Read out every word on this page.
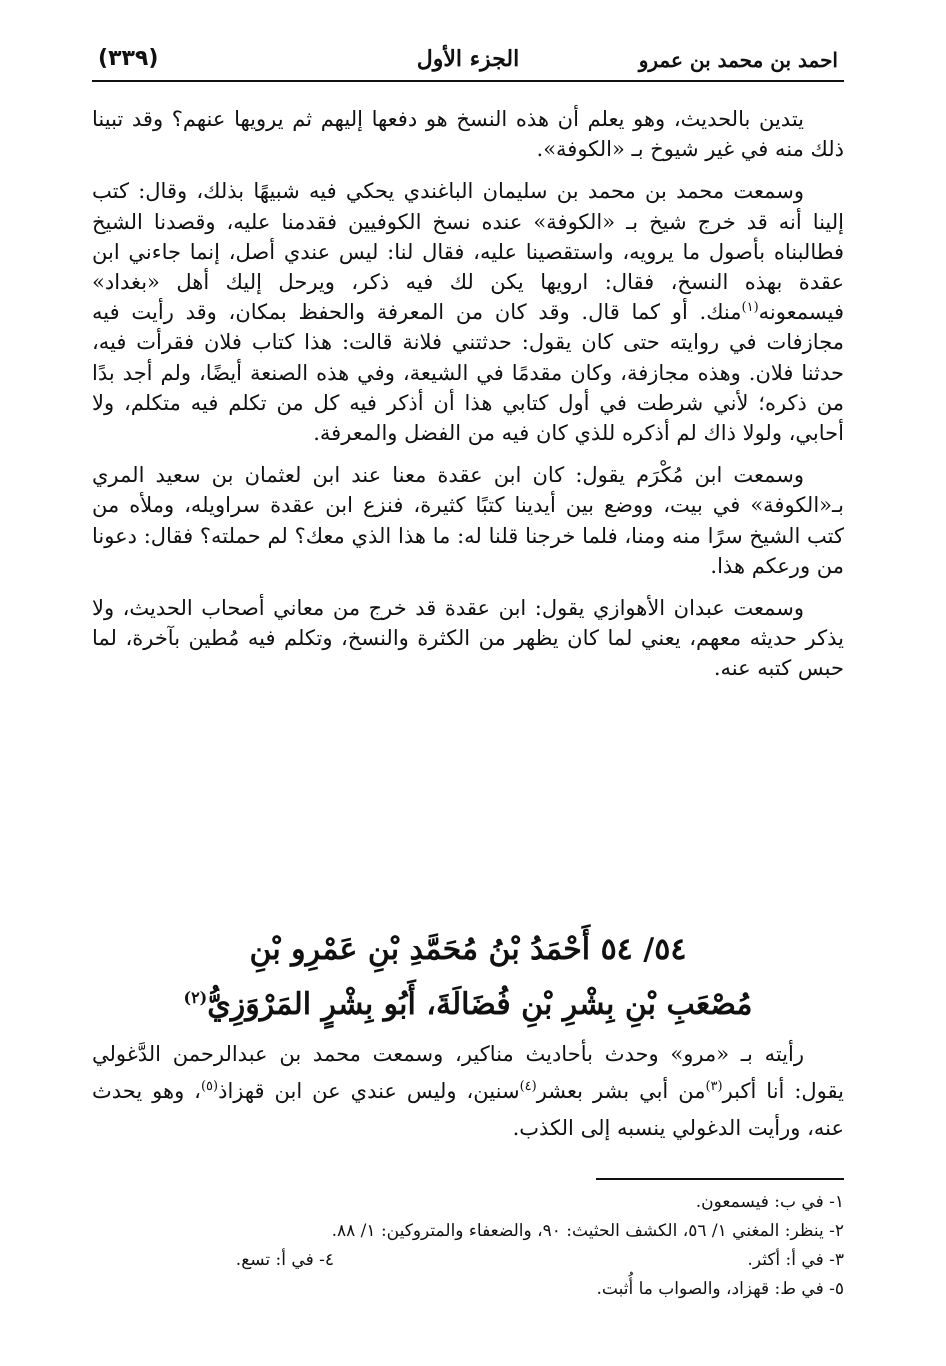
(٣٣٩)	الجزء الأول	احمد بن محمد بن عمرو

يتدين بالحديث، وهو يعلم أن هذه النسخ هو دفعها إليهم ثم يرويها عنهم؟ وقد تبينا ذلك منه في غير شيوخ بـ «الكوفة».

وسمعت محمد بن محمد بن سليمان الباغندي يحكي فيه شبيهًا بذلك، وقال: كتب إلينا أنه قد خرج شيخ بـ «الكوفة» عنده نسخ الكوفيين فقدمنا عليه، وقصدنا الشيخ فطالبناه بأصول ما يرويه، واستقصينا عليه، فقال لنا: ليس عندي أصل، إنما جاءني ابن عقدة بهذه النسخ، فقال: ارويها يكن لك فيه ذكر، ويرحل إليك أهل «بغداد» فيسمعونه$^{(١)}$منك. أو كما قال. وقد كان من المعرفة والحفظ بمكان، وقد رأيت فيه مجازفات في روايته حتى كان يقول: حدثتني فلانة قالت: هذا كتاب فلان فقرأت فيه، حدثنا فلان. وهذه مجازفة، وكان مقدمًا في الشيعة، وفي هذه الصنعة أيضًا، ولم أجد بدًا من ذكره؛ لأني شرطت في أول كتابي هذا أن أذكر فيه كل من تكلم فيه متكلم، ولا أحابي، ولولا ذاك لم أذكره للذي كان فيه من الفضل والمعرفة.

وسمعت ابن مُكْرَم يقول: كان ابن عقدة معنا عند ابن لعثمان بن سعيد المري بـ«الكوفة» في بيت، ووضع بين أيدينا كتبًا كثيرة، فنزع ابن عقدة سراويله، وملأه من كتب الشيخ سرًا منه ومنا، فلما خرجنا قلنا له: ما هذا الذي معك؟ لم حملته؟ فقال: دعونا من ورعكم هذا.

وسمعت عبدان الأهوازي يقول: ابن عقدة قد خرج من معاني أصحاب الحديث، ولا يذكر حديثه معهم، يعني لما كان يظهر من الكثرة والنسخ، وتكلم فيه مُطين بآخرة، لما حبس كتبه عنه.

٥٤/ ٥٤ أَحْمَدُ بْنُ مُحَمَّدِ بْنِ عَمْرِو بْنِ
مُصْعَبِ بْنِ بِشْرِ بْنِ فُضَالَةَ، أَبُو بِشْرٍ المَرْوَزِيُّ$^{(٢)}$

رأيته بـ «مرو» وحدث بأحاديث مناكير، وسمعت محمد بن عبدالرحمن الدَّغولي يقول: أنا أكبر$^{(٣)}$من أبي بشر بعشر$^{(٤)}$سنين، وليس عندي عن ابن قهزاذ$^{(٥)}$، وهو يحدث عنه، ورأيت الدغولي ينسبه إلى الكذب.

١- في ب: فيسمعون.
٢- ينظر: المغني ١/ ٥٦، الكشف الحثيث: ٩٠، والضعفاء والمتروكين: ١/ ٨٨.
٣- في أ: أكثر.
٤- في أ: تسع.
٥- في ط: قهزاد، والصواب ما أُثبت.
